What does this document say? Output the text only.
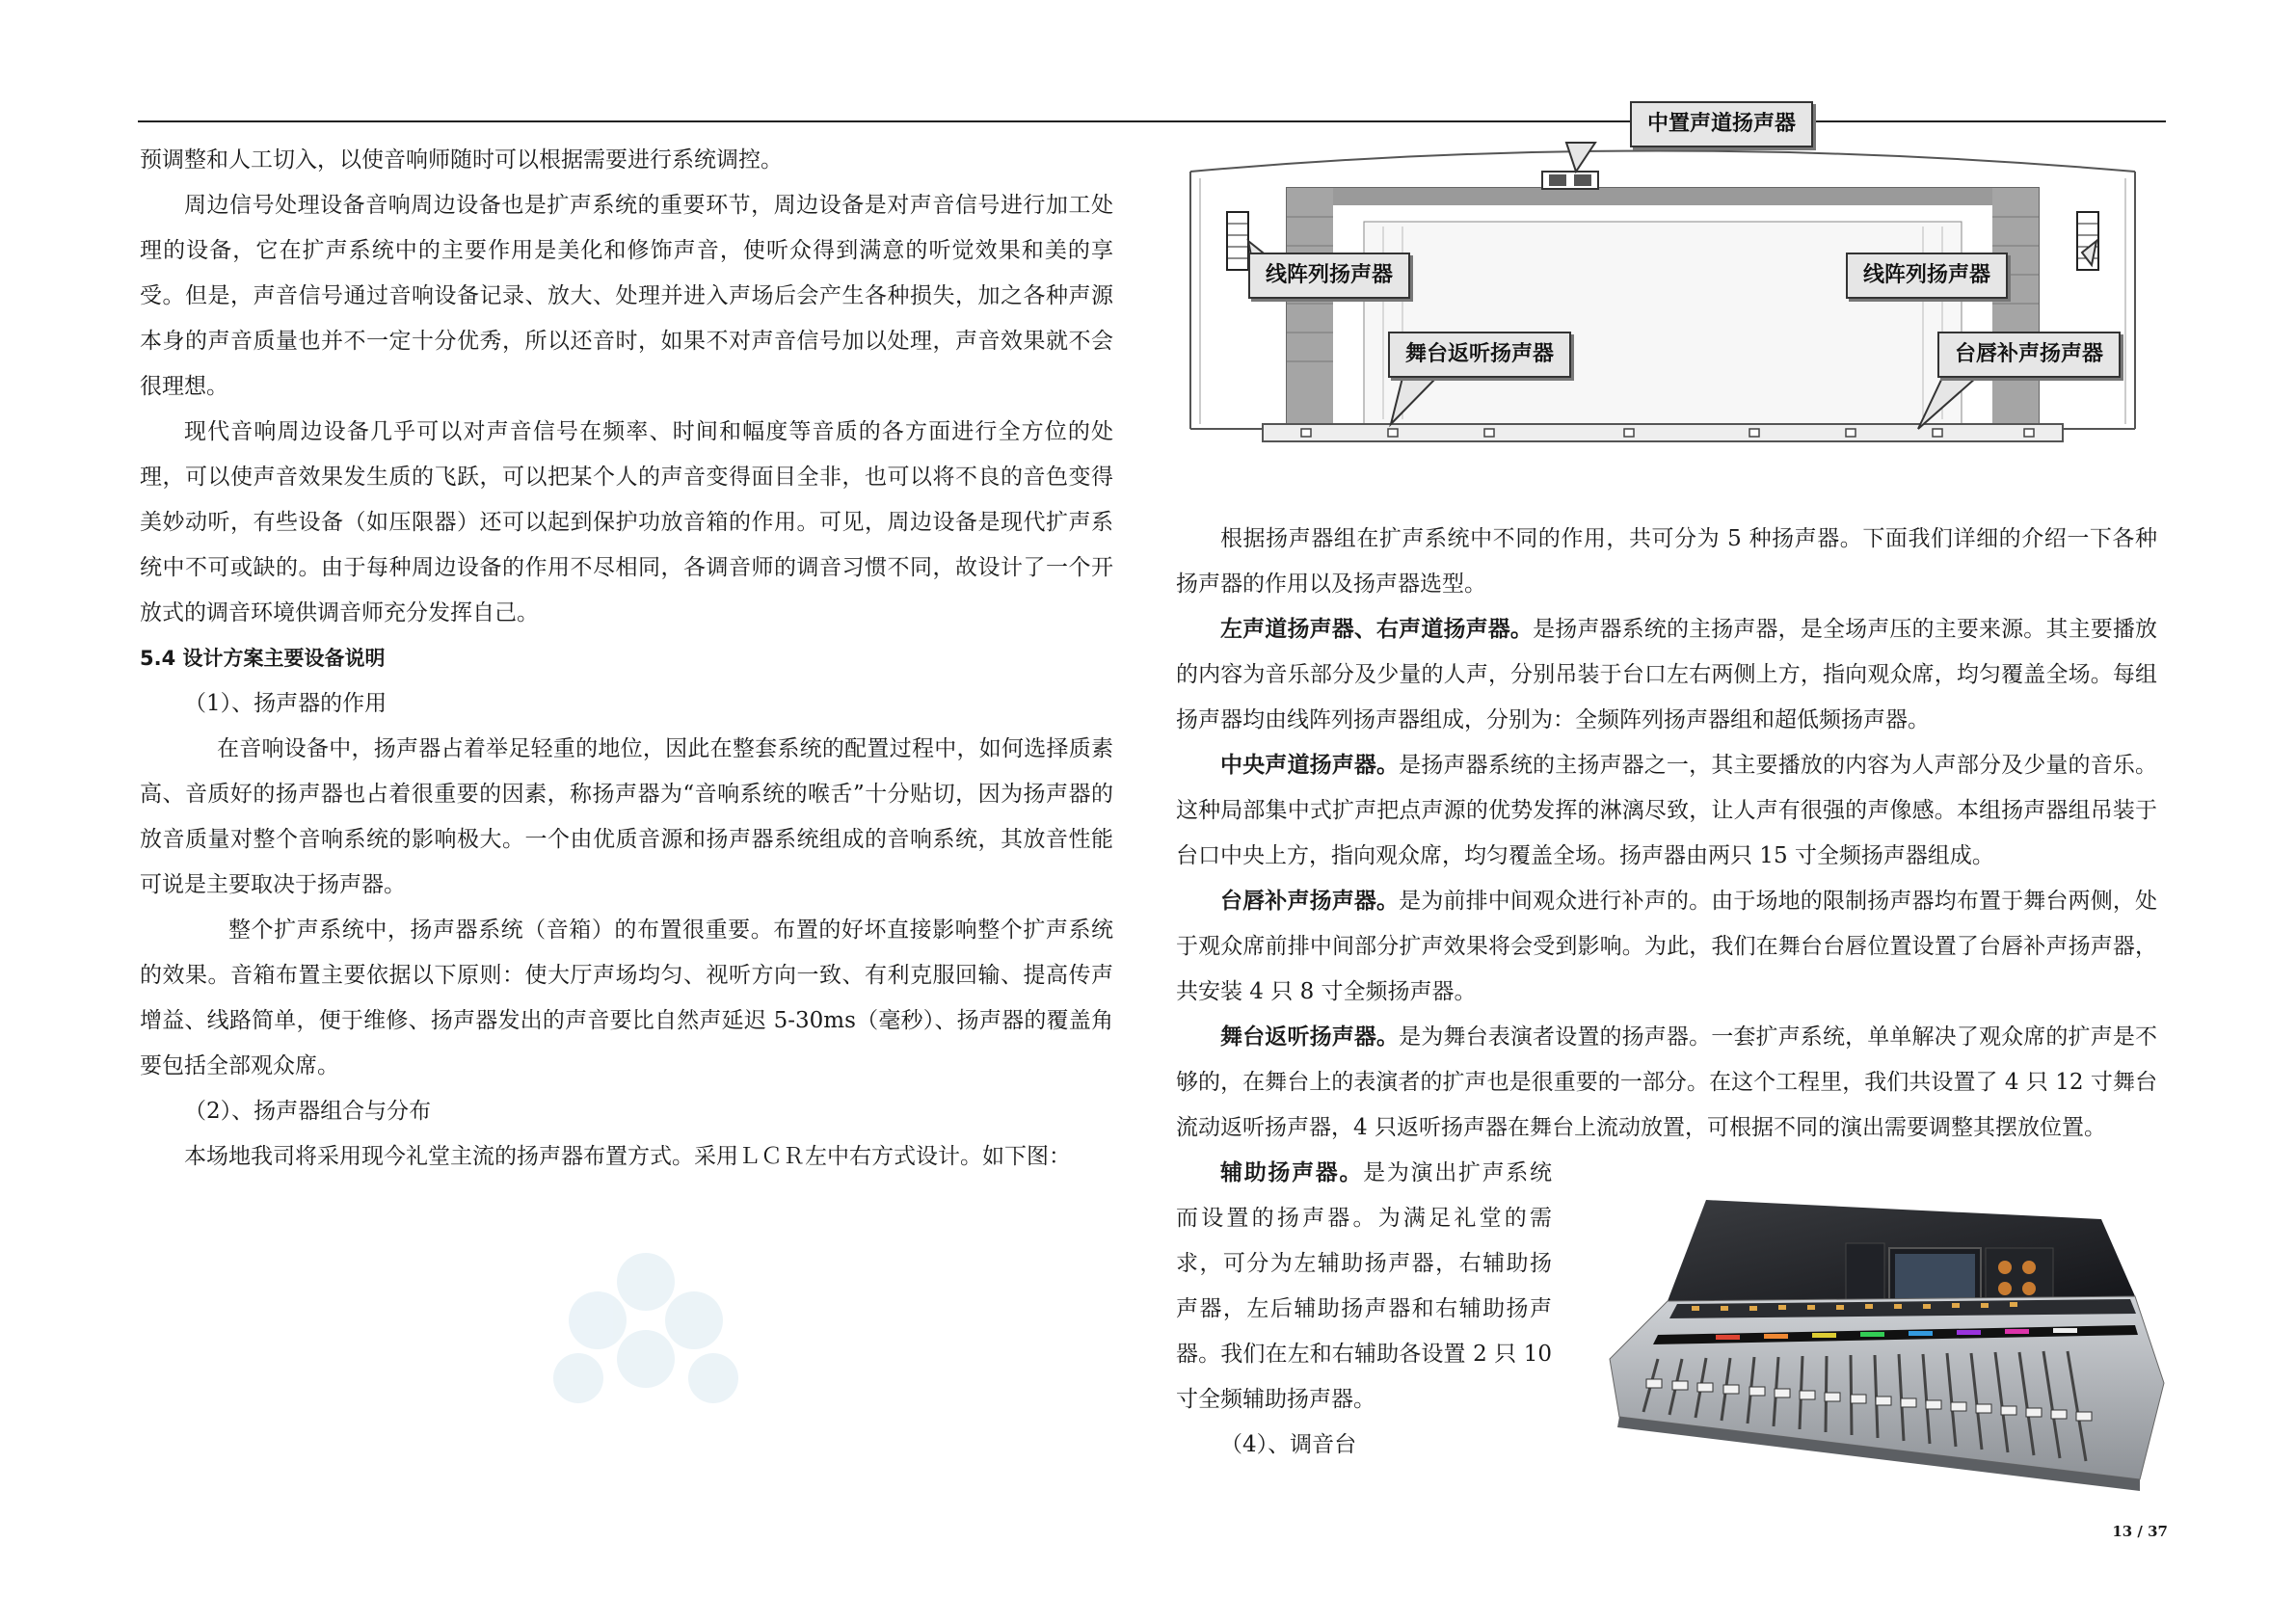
预调整和人工切入，以使音响师随时可以根据需要进行系统调控。

周边信号处理设备音响周边设备也是扩声系统的重要环节，周边设备是对声音信号进行加工处理的设备，它在扩声系统中的主要作用是美化和修饰声音，使听众得到满意的听觉效果和美的享受。但是，声音信号通过音响设备记录、放大、处理并进入声场后会产生各种损失，加之各种声源本身的声音质量也并不一定十分优秀，所以还音时，如果不对声音信号加以处理，声音效果就不会很理想。

现代音响周边设备几乎可以对声音信号在频率、时间和幅度等音质的各方面进行全方位的处理，可以使声音效果发生质的飞跃，可以把某个人的声音变得面目全非，也可以将不良的音色变得美妙动听，有些设备（如压限器）还可以起到保护功放音箱的作用。可见，周边设备是现代扩声系统中不可或缺的。由于每种周边设备的作用不尽相同，各调音师的调音习惯不同，故设计了一个开放式的调音环境供调音师充分发挥自己。

5.4 设计方案主要设备说明

（1）、扬声器的作用

在音响设备中，扬声器占着举足轻重的地位，因此在整套系统的配置过程中，如何选择质素高、音质好的扬声器也占着很重要的因素，称扬声器为“音响系统的喉舌”十分贴切，因为扬声器的放音质量对整个音响系统的影响极大。一个由优质音源和扬声器系统组成的音响系统，其放音性能可说是主要取决于扬声器。

整个扩声系统中，扬声器系统（音箱）的布置很重要。布置的好坏直接影响整个扩声系统的效果。音箱布置主要依据以下原则：使大厅声场均匀、视听方向一致、有利克服回输、提高传声增益、线路简单，便于维修、扬声器发出的声音要比自然声延迟 5-30ms（毫秒）、扬声器的覆盖角要包括全部观众席。

（2）、扬声器组合与分布

本场地我司将采用现今礼堂主流的扬声器布置方式。采用ＬＣＲ左中右方式设计。如下图：

中置声道扬声器
线阵列扬声器	线阵列扬声器
舞台返听扬声器	台唇补声扬声器

根据扬声器组在扩声系统中不同的作用，共可分为 5 种扬声器。下面我们详细的介绍一下各种扬声器的作用以及扬声器选型。

左声道扬声器、右声道扬声器。是扬声器系统的主扬声器，是全场声压的主要来源。其主要播放的内容为音乐部分及少量的人声，分别吊装于台口左右两侧上方，指向观众席，均匀覆盖全场。每组扬声器均由线阵列扬声器组成，分别为：全频阵列扬声器组和超低频扬声器。

中央声道扬声器。是扬声器系统的主扬声器之一，其主要播放的内容为人声部分及少量的音乐。这种局部集中式扩声把点声源的优势发挥的淋漓尽致，让人声有很强的声像感。本组扬声器组吊装于台口中央上方，指向观众席，均匀覆盖全场。扬声器由两只 15 寸全频扬声器组成。

台唇补声扬声器。是为前排中间观众进行补声的。由于场地的限制扬声器均布置于舞台两侧，处于观众席前排中间部分扩声效果将会受到影响。为此，我们在舞台台唇位置设置了台唇补声扬声器，共安装 4 只 8 寸全频扬声器。

舞台返听扬声器。是为舞台表演者设置的扬声器。一套扩声系统，单单解决了观众席的扩声是不够的，在舞台上的表演者的扩声也是很重要的一部分。在这个工程里，我们共设置了 4 只 12 寸舞台流动返听扬声器，4 只返听扬声器在舞台上流动放置，可根据不同的演出需要调整其摆放位置。

辅助扬声器。是为演出扩声系统而设置的扬声器。为满足礼堂的需求，可分为左辅助扬声器，右辅助扬声器，左后辅助扬声器和右辅助扬声器。我们在左和右辅助各设置 2 只 10 寸全频辅助扬声器。

（4）、调音台

13 / 37
